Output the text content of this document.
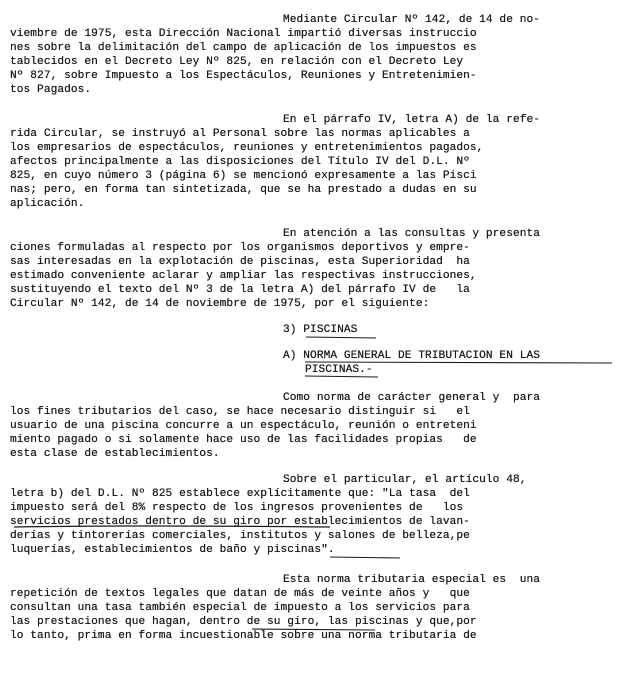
Mediante Circular Nº 142, de 14 de no-
viembre de 1975, esta Dirección Nacional impartió diversas instruccio
nes sobre la delimitación del campo de aplicación de los impuestos es
tablecidos en el Decreto Ley Nº 825, en relación con el Decreto Ley
Nº 827, sobre Impuesto a los Espectáculos, Reuniones y Entretenimien-
tos Pagados.
En el párrafo IV, letra A) de la refe-
rida Circular, se instruyó al Personal sobre las normas aplicables a
los empresarios de espectáculos, reuniones y entretenimientos pagados,
afectos principalmente a las disposiciones del Título IV del D.L. Nº
825, en cuyo número 3 (página 6) se mencionó expresamente a las Pisci
nas; pero, en forma tan sintetizada, que se ha prestado a dudas en su
aplicación.
En atención a las consultas y presenta
ciones formuladas al respecto por los organismos deportivos y empre-
sas interesadas en la explotación de piscinas, esta Superioridad  ha
estimado conveniente aclarar y ampliar las respectivas instrucciones,
sustituyendo el texto del Nº 3 de la letra A) del párrafo IV de   la
Circular Nº 142, de 14 de noviembre de 1975, por el siguiente:
3) PISCINAS
A) NORMA GENERAL DE TRIBUTACION EN LAS
PISCINAS.-
Como norma de carácter general y  para
los fines tributarios del caso, se hace necesario distinguir si   el
usuario de una piscina concurre a un espectáculo, reunión o entreteni
miento pagado o si solamente hace uso de las facilidades propias   de
esta clase de establecimientos.
Sobre el particular, el artículo 48,
letra b) del D.L. Nº 825 establece explícitamente que: "La tasa  del
impuesto será del 8% respecto de los ingresos provenientes de   los
servicios prestados dentro de su giro por establecimientos de lavan-
derías y tintorerías comerciales, institutos y salones de belleza,pe
luquerías, establecimientos de baño y piscinas".
Esta norma tributaria especial es  una
repetición de textos legales que datan de más de veinte años y   que
consultan una tasa también especial de impuesto a los servicios para
las prestaciones que hagan, dentro de su giro, las piscinas y que,por
lo tanto, prima en forma incuestionable sobre una norma tributaria de
